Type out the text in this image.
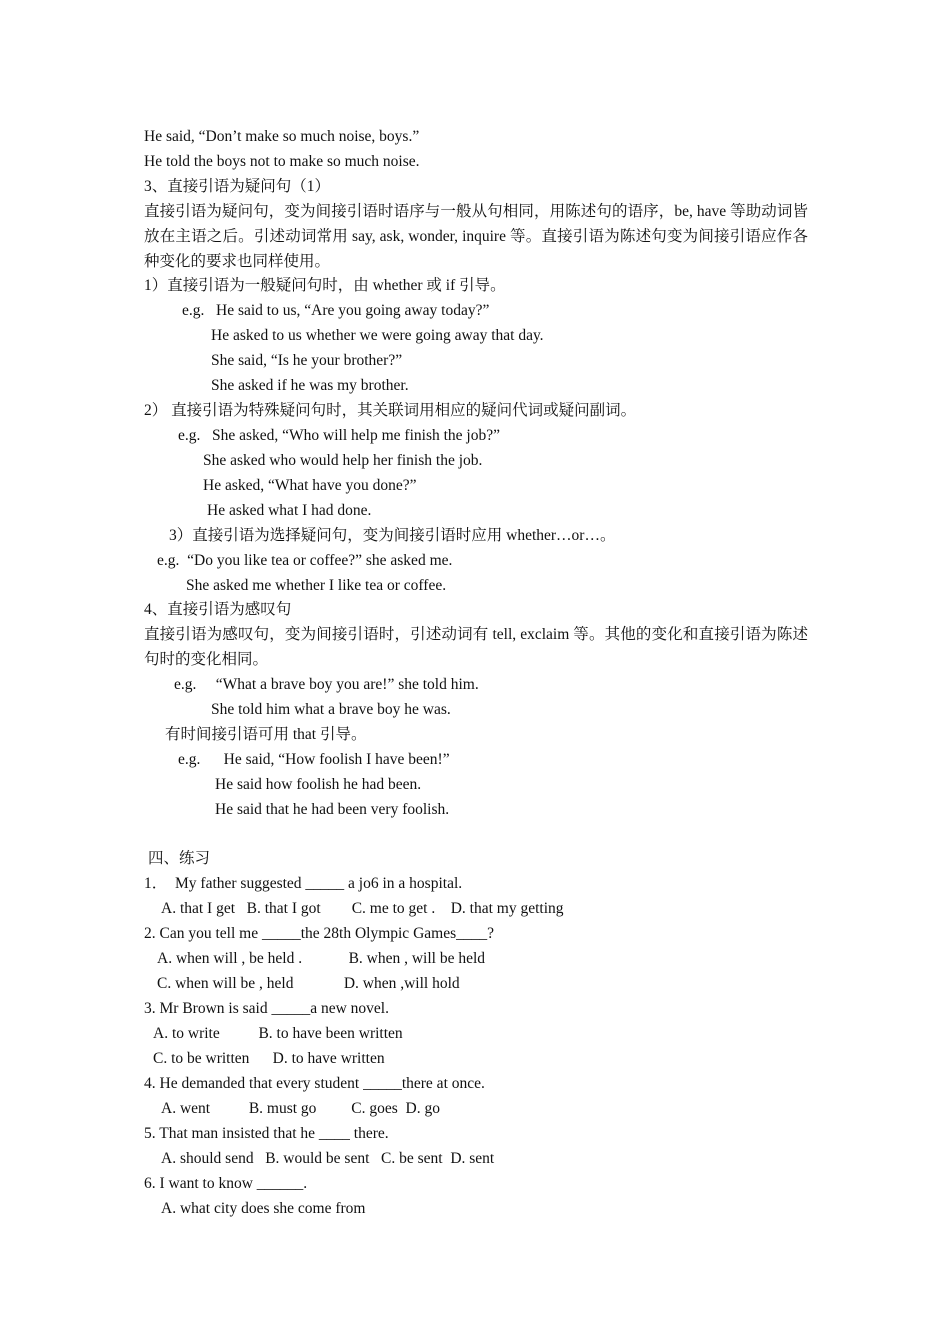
He said, “Don’t make so much noise, boys.”
He told the boys not to make so much noise.
3、直接引语为疑问句（1）

直接引语为疑问句，变为间接引语时语序与一般从句相同，用陈述句的语序，be, have 等助动词皆放在主语之后。引述动词常用 say, ask, wonder, inquire 等。直接引语为陈述句变为间接引语应作各种变化的要求也同样使用。

1）直接引语为一般疑问句时，由 whether 或 if 引导。
e.g.   He said to us, “Are you going away today?”
He asked to us whether we were going away that day.
She said, “Is he your brother?”
She asked if he was my brother.
2） 直接引语为特殊疑问句时，其关联词用相应的疑问代词或疑问副词。
e.g.   She asked, “Who will help me finish the job?”
She asked who would help her finish the job.
He asked, “What have you done?”
He asked what I had done.
3）直接引语为选择疑问句，变为间接引语时应用 whether…or…。
e.g.  “Do you like tea or coffee?” she asked me.
She asked me whether I like tea or coffee.
4、直接引语为感叹句

直接引语为感叹句，变为间接引语时，引述动词有 tell, exclaim 等。其他的变化和直接引语为陈述句时的变化相同。

e.g.     “What a brave boy you are!” she told him.
She told him what a brave boy he was.
有时间接引语可用 that 引导。
e.g.      He said, “How foolish I have been!”
He said how foolish he had been.
He said that he had been very foolish.
四、练习
1．  My father suggested _____ a jo6 in a hospital.
A. that I get   B. that I got        C. me to get .    D. that my getting
2. Can you tell me _____the 28th Olympic Games____?
A. when will , be held .            B. when , will be held
C. when will be , held             D. when ,will hold
3. Mr Brown is said _____a new novel.
A. to write          B. to have been written
C. to be written      D. to have written
4. He demanded that every student _____there at once.
A. went          B. must go         C. goes  D. go
5. That man insisted that he ____ there.
A. should send   B. would be sent   C. be sent  D. sent
6. I want to know ______.
A. what city does she come from
